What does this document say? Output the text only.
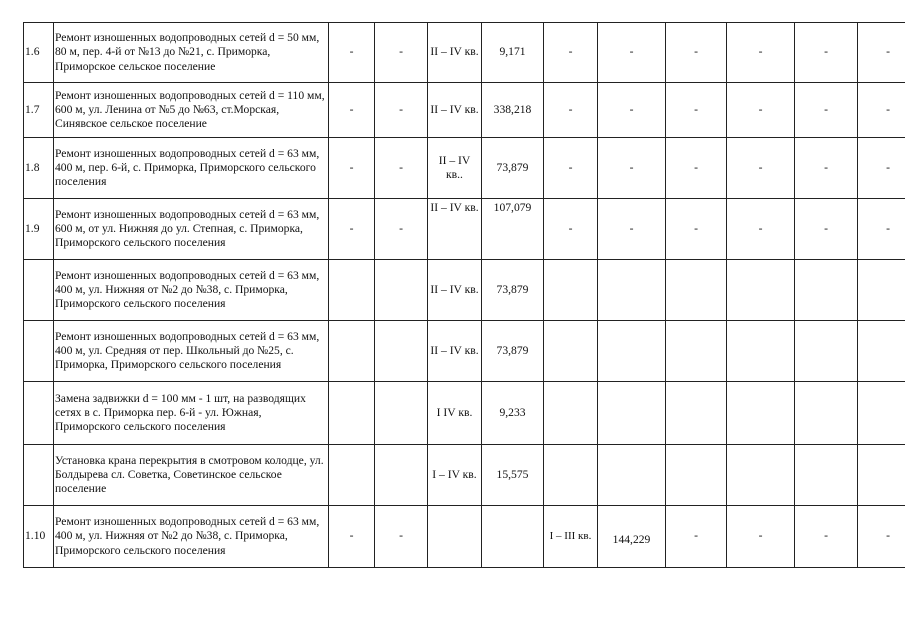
1.6	Ремонт изношенных водопроводных сетей d = 50 мм, 80 м, пер. 4-й от №13 до №21, с. Приморка, Приморское сельское поселение	-	-	II – IV кв.	9,171	-	-	-	-	-	-
1.7	Ремонт изношенных водопроводных сетей d = 110 мм, 600 м, ул. Ленина от №5 до №63, ст.Морская, Синявское сельское поселение	-	-	II – IV кв.	338,218	-	-	-	-	-	-
1.8	Ремонт изношенных водопроводных сетей d = 63 мм, 400 м, пер. 6-й, с. Приморка, Приморского сельского поселения	-	-	II – IV кв..	73,879	-	-	-	-	-	-
1.9	Ремонт изношенных водопроводных сетей d = 63 мм, 600 м, от ул. Нижняя до ул. Степная, с. Приморка, Приморского сельского поселения	-	-	II – IV кв.	107,079	-	-	-	-	-	-
	Ремонт изношенных водопроводных сетей d = 63 мм, 400 м, ул. Нижняя от №2 до №38, с. Приморка, Приморского сельского поселения			II – IV кв.	73,879						
	Ремонт изношенных водопроводных сетей d = 63 мм, 400 м, ул. Средняя от пер. Школьный до №25, с. Приморка, Приморского сельского поселения			II – IV кв.	73,879						
	Замена задвижки d = 100 мм - 1 шт, на разводящих сетях в с. Приморка пер. 6-й - ул. Южная, Приморского сельского поселения			I IV кв.	9,233						
	Установка крана перекрытия в смотровом колодце, ул. Болдырева сл. Советка, Советинское сельское поселение			I – IV кв.	15,575						
1.10	Ремонт изношенных водопроводных сетей d = 63 мм, 400 м, ул. Нижняя от №2 до №38, с. Приморка, Приморского сельского поселения	-	-			I – III кв.	144,229	-	-	-	-
